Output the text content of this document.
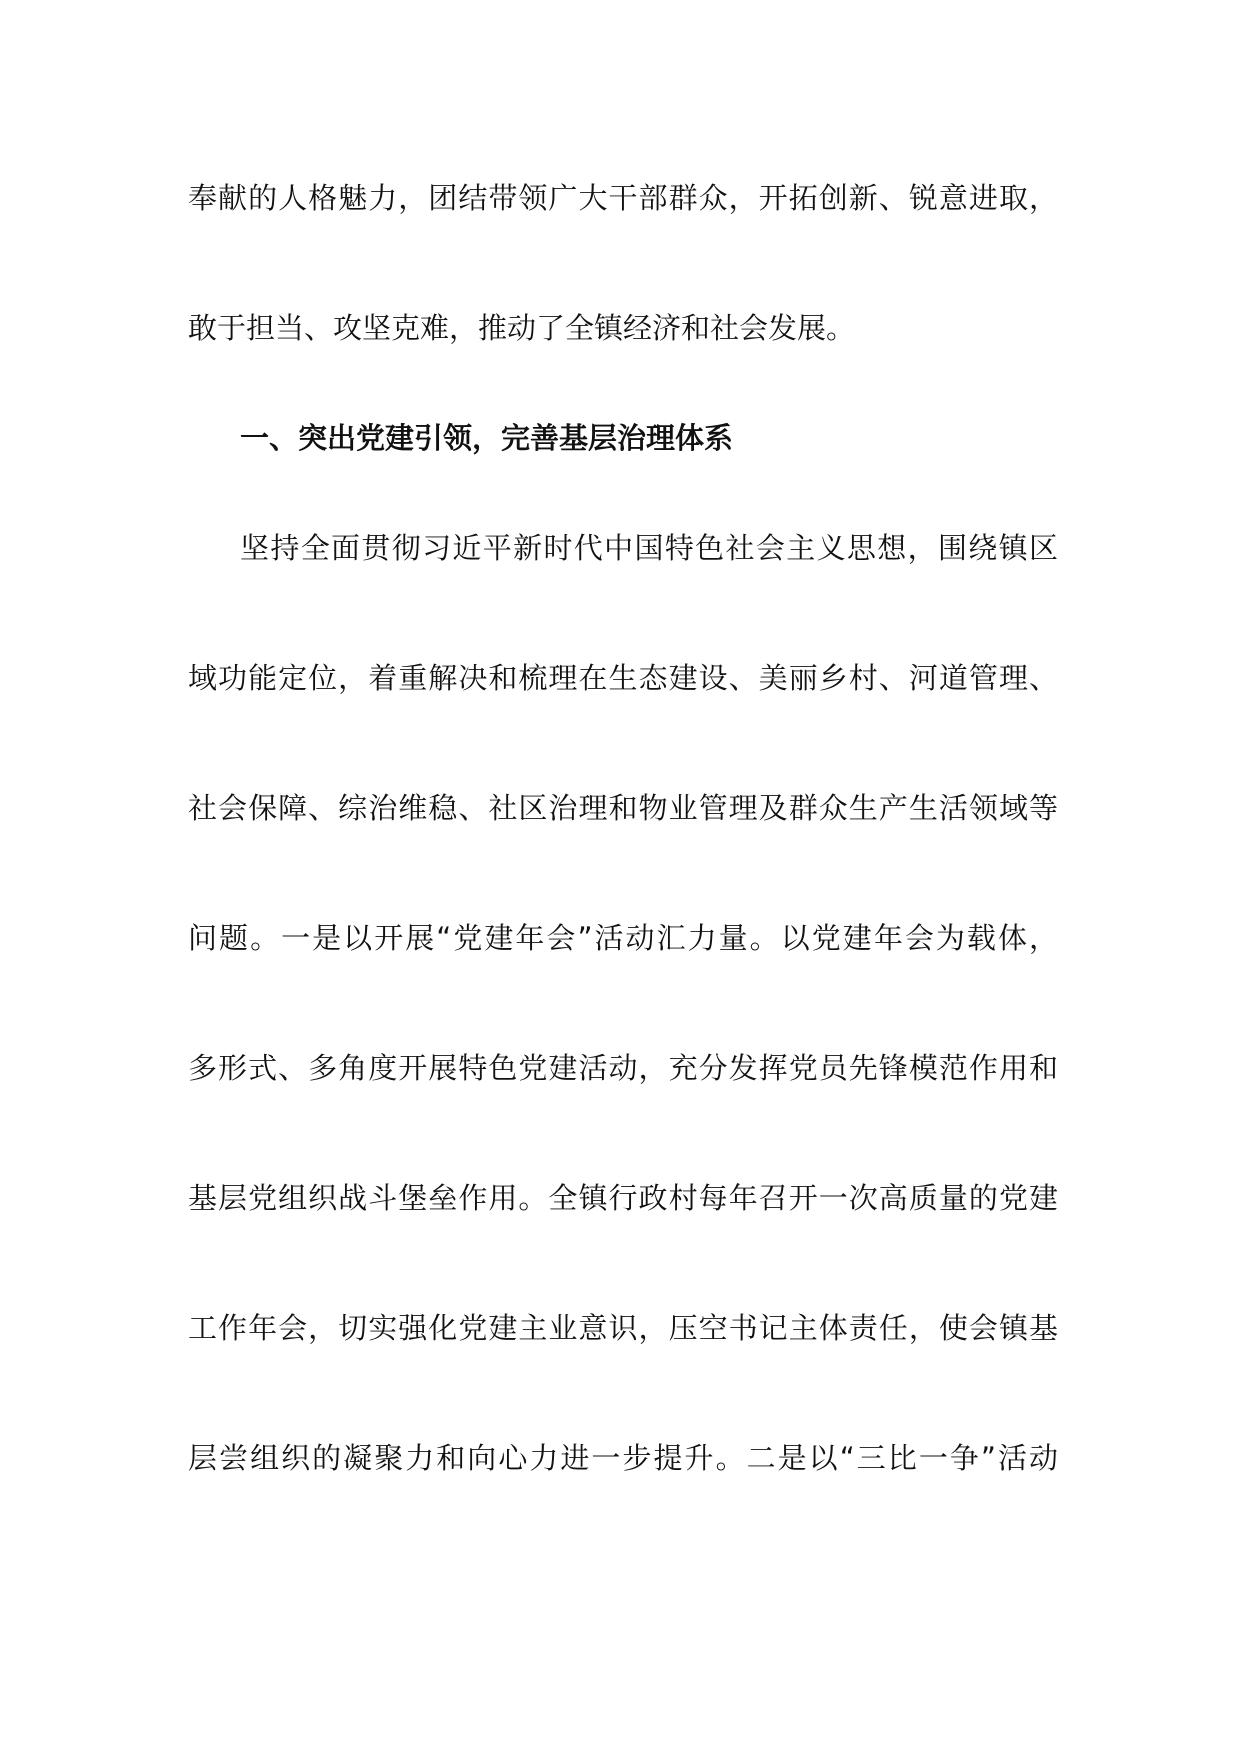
奉献的人格魅力，团结带领广大干部群众，开拓创新、锐意进取，
敢于担当、攻坚克难，推动了全镇经济和社会发展。
一、突出党建引领，完善基层治理体系
坚持全面贯彻习近平新时代中国特色社会主义思想，围绕镇区
域功能定位，着重解决和梳理在生态建设、美丽乡村、河道管理、
社会保障、综治维稳、社区治理和物业管理及群众生产生活领域等
问题。一是以开展“党建年会”活动汇力量。以党建年会为载体，
多形式、多角度开展特色党建活动，充分发挥党员先锋模范作用和
基层党组织战斗堡垒作用。全镇行政村每年召开一次高质量的党建
工作年会，切实强化党建主业意识，压空书记主体责任，使会镇基
层尝组织的凝聚力和向心力进一步提升。二是以“三比一争”活动
